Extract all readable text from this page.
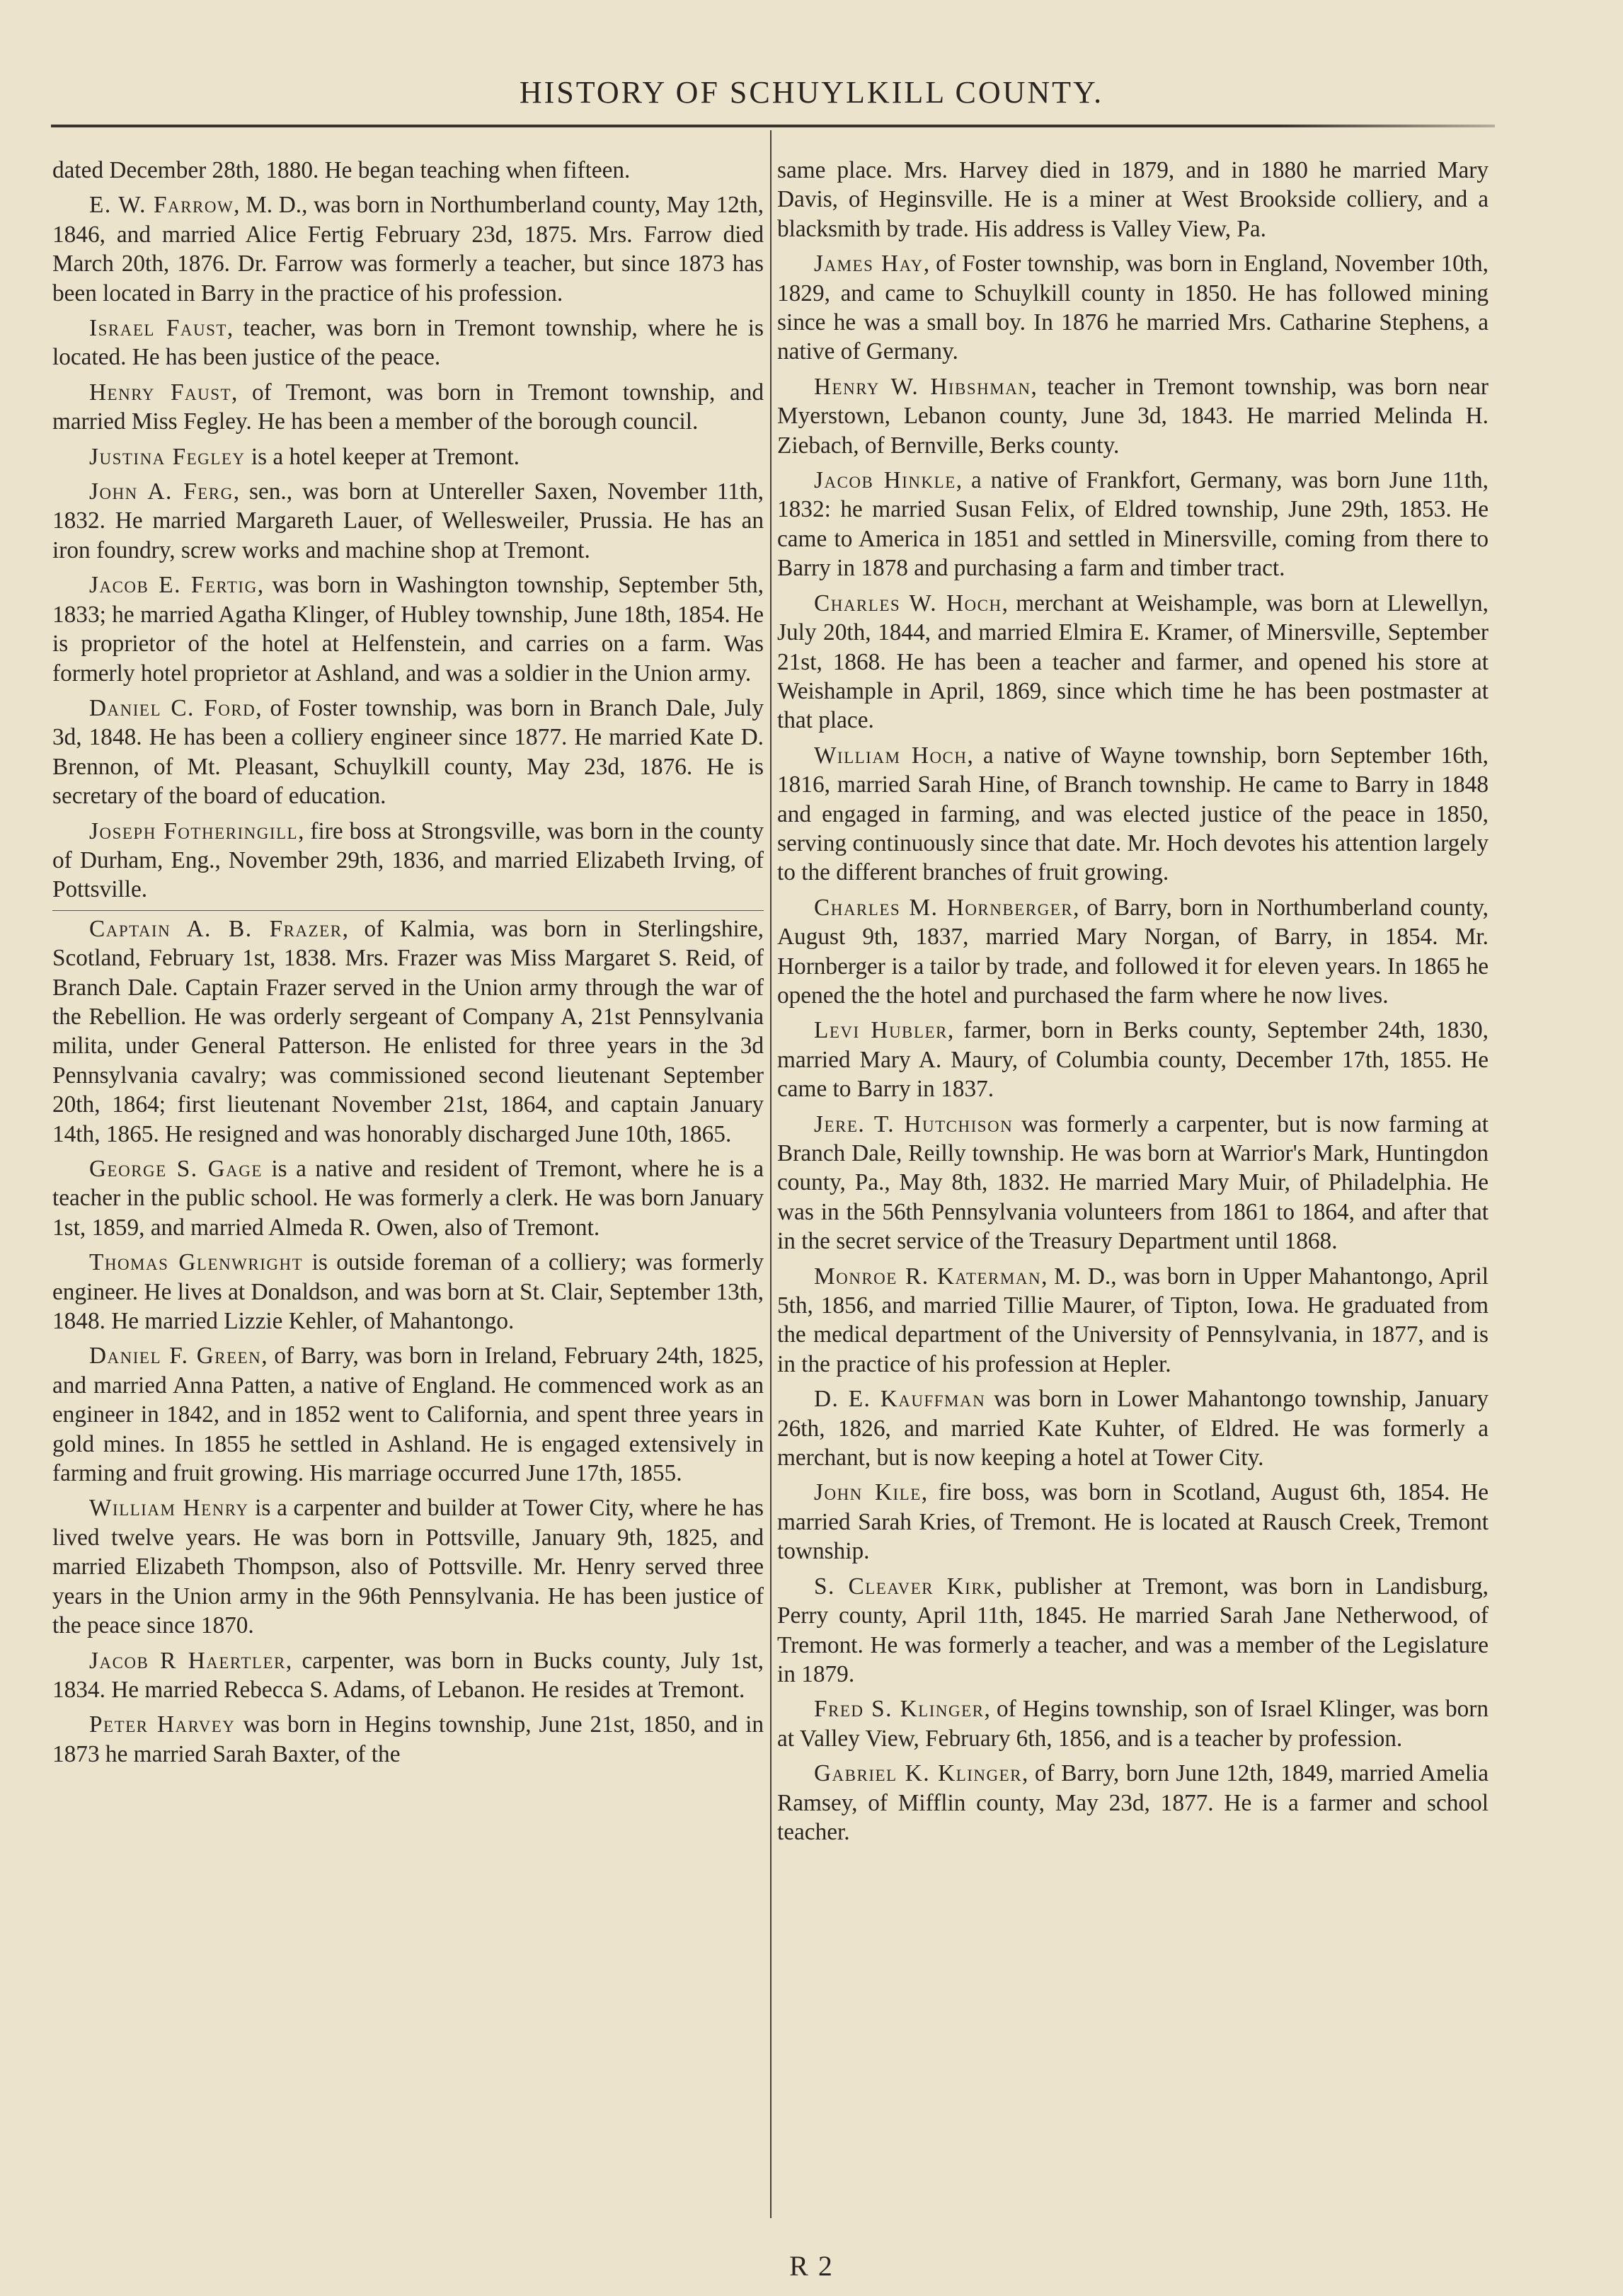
HISTORY OF SCHUYLKILL COUNTY.

dated December 28th, 1880. He began teaching when fifteen.

E. W. Farrow, M. D., was born in Northumberland county, May 12th, 1846, and married Alice Fertig February 23d, 1875. Mrs. Farrow died March 20th, 1876. Dr. Farrow was formerly a teacher, but since 1873 has been located in Barry in the practice of his profession.

Israel Faust, teacher, was born in Tremont township, where he is located. He has been justice of the peace.

Henry Faust, of Tremont, was born in Tremont township, and married Miss Fegley. He has been a member of the borough council.

Justina Fegley is a hotel keeper at Tremont.

John A. Ferg, sen., was born at Untereller Saxen, November 11th, 1832. He married Margareth Lauer, of Wellesweiler, Prussia. He has an iron foundry, screw works and machine shop at Tremont.

Jacob E. Fertig, was born in Washington township, September 5th, 1833; he married Agatha Klinger, of Hubley township, June 18th, 1854. He is proprietor of the hotel at Helfenstein, and carries on a farm. Was formerly hotel proprietor at Ashland, and was a soldier in the Union army.

Daniel C. Ford, of Foster township, was born in Branch Dale, July 3d, 1848. He has been a colliery engineer since 1877. He married Kate D. Brennon, of Mt. Pleasant, Schuylkill county, May 23d, 1876. He is secretary of the board of education.

Joseph Fotheringill, fire boss at Strongsville, was born in the county of Durham, Eng., November 29th, 1836, and married Elizabeth Irving, of Pottsville.

Captain A. B. Frazer, of Kalmia, was born in Sterlingshire, Scotland, February 1st, 1838. Mrs. Frazer was Miss Margaret S. Reid, of Branch Dale. Captain Frazer served in the Union army through the war of the Rebellion. He was orderly sergeant of Company A, 21st Pennsylvania milita, under General Patterson. He enlisted for three years in the 3d Pennsylvania cavalry; was commissioned second lieutenant September 20th, 1864; first lieutenant November 21st, 1864, and captain January 14th, 1865. He resigned and was honorably discharged June 10th, 1865.

George S. Gage is a native and resident of Tremont, where he is a teacher in the public school. He was formerly a clerk. He was born January 1st, 1859, and married Almeda R. Owen, also of Tremont.

Thomas Glenwright is outside foreman of a colliery; was formerly engineer. He lives at Donaldson, and was born at St. Clair, September 13th, 1848. He married Lizzie Kehler, of Mahantongo.

Daniel F. Green, of Barry, was born in Ireland, February 24th, 1825, and married Anna Patten, a native of England. He commenced work as an engineer in 1842, and in 1852 went to California, and spent three years in gold mines. In 1855 he settled in Ashland. He is engaged extensively in farming and fruit growing. His marriage occurred June 17th, 1855.

William Henry is a carpenter and builder at Tower City, where he has lived twelve years. He was born in Pottsville, January 9th, 1825, and married Elizabeth Thompson, also of Pottsville. Mr. Henry served three years in the Union army in the 96th Pennsylvania. He has been justice of the peace since 1870.

Jacob R Haertler, carpenter, was born in Bucks county, July 1st, 1834. He married Rebecca S. Adams, of Lebanon. He resides at Tremont.

Peter Harvey was born in Hegins township, June 21st, 1850, and in 1873 he married Sarah Baxter, of the

same place. Mrs. Harvey died in 1879, and in 1880 he married Mary Davis, of Heginsville. He is a miner at West Brookside colliery, and a blacksmith by trade. His address is Valley View, Pa.

James Hay, of Foster township, was born in England, November 10th, 1829, and came to Schuylkill county in 1850. He has followed mining since he was a small boy. In 1876 he married Mrs. Catharine Stephens, a native of Germany.

Henry W. Hibshman, teacher in Tremont township, was born near Myerstown, Lebanon county, June 3d, 1843. He married Melinda H. Ziebach, of Bernville, Berks county.

Jacob Hinkle, a native of Frankfort, Germany, was born June 11th, 1832: he married Susan Felix, of Eldred township, June 29th, 1853. He came to America in 1851 and settled in Minersville, coming from there to Barry in 1878 and purchasing a farm and timber tract.

Charles W. Hoch, merchant at Weishample, was born at Llewellyn, July 20th, 1844, and married Elmira E. Kramer, of Minersville, September 21st, 1868. He has been a teacher and farmer, and opened his store at Weishample in April, 1869, since which time he has been postmaster at that place.

William Hoch, a native of Wayne township, born September 16th, 1816, married Sarah Hine, of Branch township. He came to Barry in 1848 and engaged in farming, and was elected justice of the peace in 1850, serving continuously since that date. Mr. Hoch devotes his attention largely to the different branches of fruit growing.

Charles M. Hornberger, of Barry, born in Northumberland county, August 9th, 1837, married Mary Norgan, of Barry, in 1854. Mr. Hornberger is a tailor by trade, and followed it for eleven years. In 1865 he opened the the hotel and purchased the farm where he now lives.

Levi Hubler, farmer, born in Berks county, September 24th, 1830, married Mary A. Maury, of Columbia county, December 17th, 1855. He came to Barry in 1837.

Jere. T. Hutchison was formerly a carpenter, but is now farming at Branch Dale, Reilly township. He was born at Warrior's Mark, Huntingdon county, Pa., May 8th, 1832. He married Mary Muir, of Philadelphia. He was in the 56th Pennsylvania volunteers from 1861 to 1864, and after that in the secret service of the Treasury Department until 1868.

Monroe R. Katerman, M. D., was born in Upper Mahantongo, April 5th, 1856, and married Tillie Maurer, of Tipton, Iowa. He graduated from the medical department of the University of Pennsylvania, in 1877, and is in the practice of his profession at Hepler.

D. E. Kauffman was born in Lower Mahantongo township, January 26th, 1826, and married Kate Kuhter, of Eldred. He was formerly a merchant, but is now keeping a hotel at Tower City.

John Kile, fire boss, was born in Scotland, August 6th, 1854. He married Sarah Kries, of Tremont. He is located at Rausch Creek, Tremont township.

S. Cleaver Kirk, publisher at Tremont, was born in Landisburg, Perry county, April 11th, 1845. He married Sarah Jane Netherwood, of Tremont. He was formerly a teacher, and was a member of the Legislature in 1879.

Fred S. Klinger, of Hegins township, son of Israel Klinger, was born at Valley View, February 6th, 1856, and is a teacher by profession.

Gabriel K. Klinger, of Barry, born June 12th, 1849, married Amelia Ramsey, of Mifflin county, May 23d, 1877. He is a farmer and school teacher.

R 2
